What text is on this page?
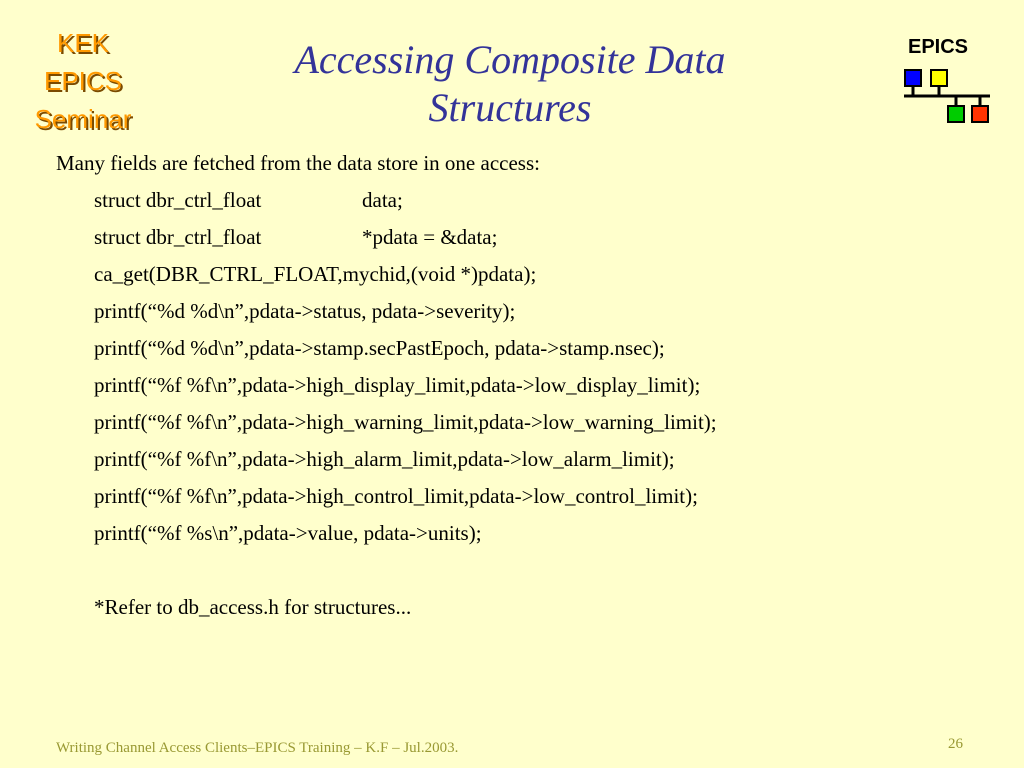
KEK
EPICS
Seminar
Accessing Composite Data
Structures
EPICS
Many fields are fetched from the data store in one access:
struct dbr_ctrl_float	data;
struct dbr_ctrl_float	*pdata = &data;
ca_get(DBR_CTRL_FLOAT,mychid,(void *)pdata);
printf(“%d %d\n”,pdata->status, pdata->severity);
printf(“%d %d\n”,pdata->stamp.secPastEpoch, pdata->stamp.nsec);
printf(“%f %f\n”,pdata->high_display_limit,pdata->low_display_limit);
printf(“%f %f\n”,pdata->high_warning_limit,pdata->low_warning_limit);
printf(“%f %f\n”,pdata->high_alarm_limit,pdata->low_alarm_limit);
printf(“%f %f\n”,pdata->high_control_limit,pdata->low_control_limit);
printf(“%f %s\n”,pdata->value, pdata->units);
*Refer to db_access.h for structures...
Writing Channel Access Clients–EPICS Training – K.F – Jul.2003.	26
